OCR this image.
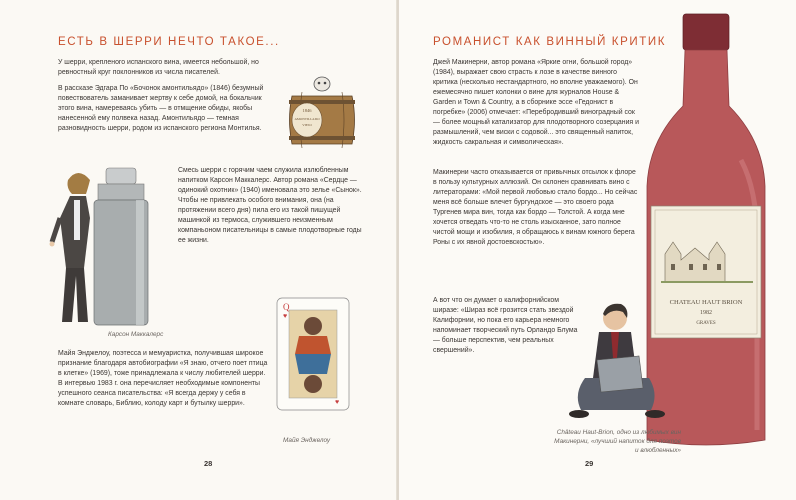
ЕСТЬ В ШЕРРИ НЕЧТО ТАКОЕ...

У шерри, крепленого испанского вина, имеется небольшой, но ревностный круг поклонников из числа писателей.

В рассказе Эдгара По «Бочонок амонтильядо» (1846) безумный повествователь заманивает жертву к себе домой, на бокальчик этого вина, намереваясь убить — в отмщение обиды, якобы нанесенной ему полвека назад. Амонтильядо — темная разновидность шерри, родом из испанского региона Монтилья.

1846
AMONTILLADO
VIEJO
Карсон Маккалерс

Смесь шерри с горячим чаем служила излюбленным напитком Карсон Маккалерс. Автор романа «Сердце — одинокий охотник» (1940) именовала это зелье «Сынок». Чтобы не привлекать особого внимания, она (на протяжении всего дня) пила его из такой пишущей машинкой из термоса, служившего неизменным компаньоном писательницы в самые плодотворные годы ее жизни.

Q
♥
♥
Майя Энджелоу

Майя Энджелоу, поэтесса и мемуаристка, получившая широкое признание благодаря автобиографии «Я знаю, отчего поет птица в клетке» (1969), тоже принадлежала к числу любителей шерри. В интервью 1983 г. она перечисляет необходимые компоненты успешного сеанса писательства: «Я всегда держу у себя в комнате словарь, Библию, колоду карт и бутылку шерри».

28
РОМАНИСТ КАК ВИННЫЙ КРИТИК

Джей Макинерни, автор романа «Яркие огни, большой город» (1984), выражает свою страсть к лозе в качестве винного критика (несколько нестандартного, но вполне уважаемого). Он ежемесячно пишет колонки о вине для журналов House & Garden и Town & Country, а в сборнике эссе «Гедонист в погребке» (2006) отмечает: «Перебродивший виноградный сок — более мощный катализатор для плодотворного созерцания и размышлений, чем виски с содовой... это священный напиток, жидкость сакральная и символическая».

Макинерни часто отказывается от привычных отсылок к флоре в пользу культурных аллюзий. Он склонен сравнивать вино с литераторами: «Мой первой любовью стало бордо... Но сейчас меня всё больше влечет бургундское — это своего рода Тургенев мира вин, тогда как бордо — Толстой. А когда мне хочется отведать что-то не столь изысканное, зато полное чистой мощи и изобилия, я обращаюсь к винам южного берега Роны с их явной достоевскостью».

А вот что он думает о калифорнийском ширазе: «Шираз всё грозится стать звездой Калифорнии, но пока его карьера немного напоминает творческий путь Орландо Блума — больше перспектив, чем реальных свершений».

CHATEAU HAUT BRION
1982
GRAVES
Château Haut-Brion, одно из любимых вин Макинерни, «лучший напиток для поэтов и влюбленных»
29
